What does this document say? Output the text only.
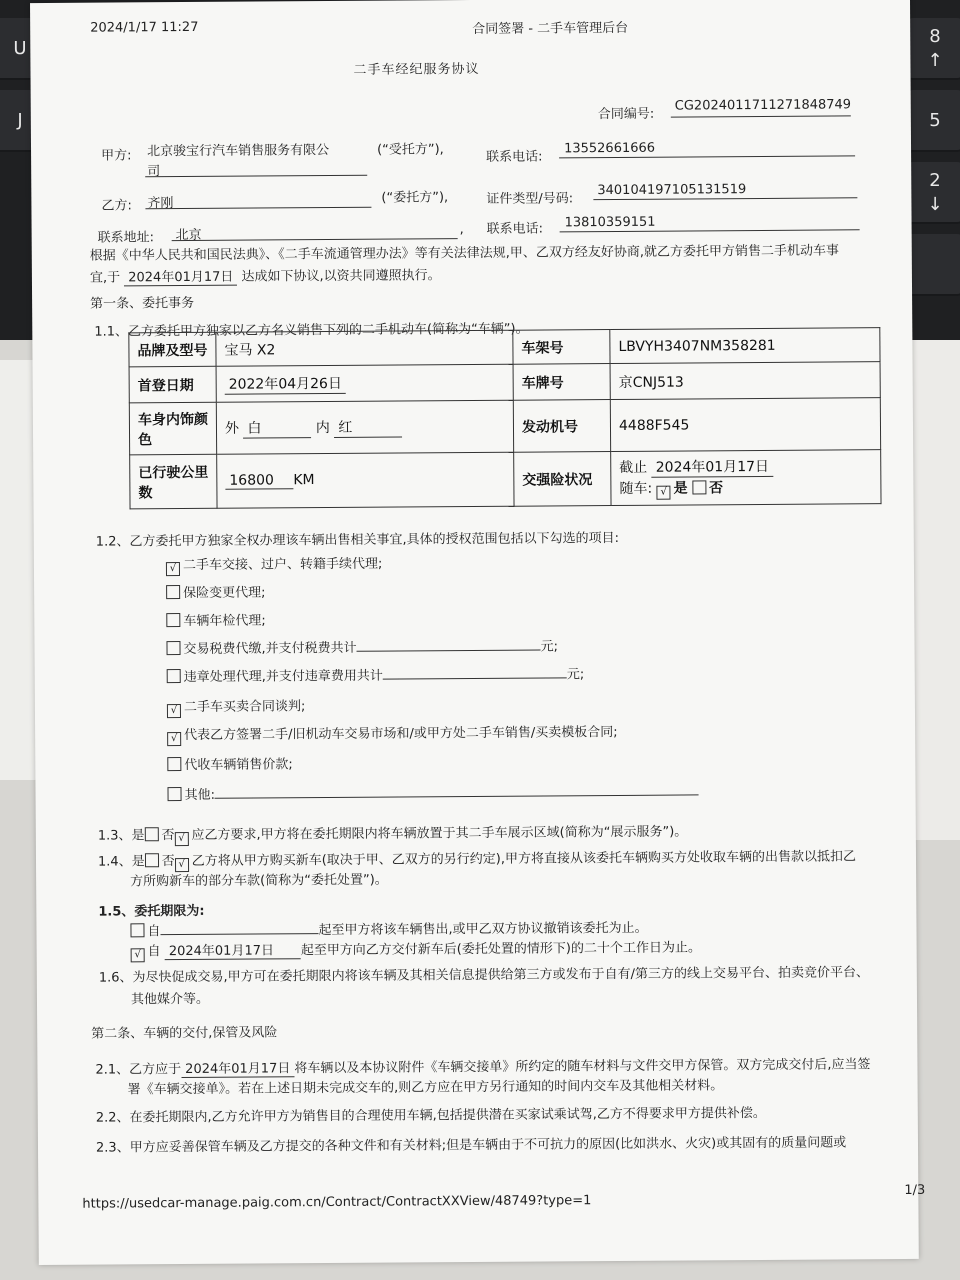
U
J
8
↑
5
2
↓
2024/1/17 11:27	合同签署 - 二手车管理后台
二手车经纪服务协议
合同编号:
CG2024011711271848749
甲方: 北京骏宝行汽车销售服务有限公
司
(“受托方”),	联系电话:
13552661666
乙方: 齐刚	(“委托方”),	证件类型/号码:
340104197105131519
联系地址: 北京	, 联系电话: 13810359151
根据《中华人民共和国民法典》、《二手车流通管理办法》等有关法律法规,甲、乙双方经友好协商,就乙方委托甲方销售二手机动车事
宜,于 2024年01月17日 达成如下协议,以资共同遵照执行。
第一条、委托事务
1.1、乙方委托甲方独家以乙方名义销售下列的二手机动车(简称为“车辆”)。
品牌及型号	宝马 X2	车架号	LBVYH3407NM358281
首登日期	2022年04月26日	车牌号	京CNJ513
车身内饰颜色	外 白 内 红	发动机号	4488F545
已行驶公里数	16800 KM	交强险状况	截止 2024年01月17日
随车: √ 是 否
1.2、乙方委托甲方独家全权办理该车辆出售相关事宜,具体的授权范围包括以下勾选的项目:
√ 二手车交接、过户、转籍手续代理;
保险变更代理;
车辆年检代理;
交易税费代缴,并支付税费共计	元;
违章处理代理,并支付违章费用共计	元;
√ 二手车买卖合同谈判;
√ 代表乙方签署二手/旧机动车交易市场和/或甲方处二手车销售/买卖模板合同;
代收车辆销售价款;
其他:
1.3、是 否 √ 应乙方要求,甲方将在委托期限内将车辆放置于其二手车展示区域(简称为“展示服务”)。
1.4、是 否 √ 乙方将从甲方购买新车(取决于甲、乙双方的另行约定),甲方将直接从该委托车辆购买方处收取车辆的出售款以抵扣乙
方所购新车的部分车款(简称为“委托处置”)。
1.5、委托期限为:
自	起至甲方将该车辆售出,或甲乙双方协议撤销该委托为止。
√ 自 2024年01月17日 起至甲方向乙方交付新车后(委托处置的情形下)的二十个工作日为止。
1.6、为尽快促成交易,甲方可在委托期限内将该车辆及其相关信息提供给第三方或发布于自有/第三方的线上交易平台、拍卖竞价平台、
其他媒介等。
第二条、车辆的交付,保管及风险
2.1、乙方应于 2024年01月17日 将车辆以及本协议附件《车辆交接单》所约定的随车材料与文件交甲方保管。双方完成交付后,应当签
署《车辆交接单》。若在上述日期未完成交车的,则乙方应在甲方另行通知的时间内交车及其他相关材料。
2.2、在委托期限内,乙方允许甲方为销售目的合理使用车辆,包括提供潜在买家试乘试驾,乙方不得要求甲方提供补偿。
2.3、甲方应妥善保管车辆及乙方提交的各种文件和有关材料;但是车辆由于不可抗力的原因(比如洪水、火灾)或其固有的质量问题或
https://usedcar-manage.paig.com.cn/Contract/ContractXXView/48749?type=1
1/3
